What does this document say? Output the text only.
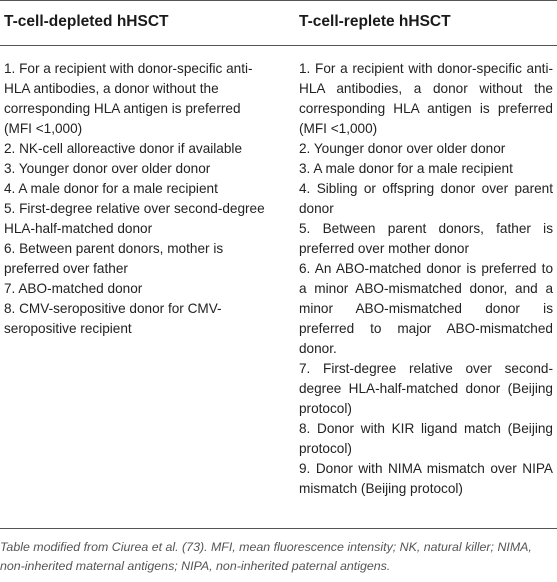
T-cell-depleted hHSCT	T-cell-replete hHSCT

1. For a recipient with donor-specific anti-HLA antibodies, a donor without the corresponding HLA antigen is preferred (MFI <1,000)

2. NK-cell alloreactive donor if available

3. Younger donor over older donor

4. A male donor for a male recipient

5. First-degree relative over second-degree HLA-half-matched donor

6. Between parent donors, mother is preferred over father

7. ABO-matched donor

8. CMV-seropositive donor for CMV-seropositive recipient

1. For a recipient with donor-specific anti-HLA antibodies, a donor without the corresponding HLA antigen is preferred (MFI <1,000)

2. Younger donor over older donor

3. A male donor for a male recipient

4. Sibling or offspring donor over parent donor

5. Between parent donors, father is preferred over mother donor

6. An ABO-matched donor is preferred to a minor ABO-mismatched donor, and a minor ABO-mismatched donor is preferred to major ABO-mismatched donor.

7. First-degree relative over second-degree HLA-half-matched donor (Beijing protocol)

8. Donor with KIR ligand match (Beijing protocol)

9. Donor with NIMA mismatch over NIPA mismatch (Beijing protocol)

Table modified from Ciurea et al. (73). MFI, mean fluorescence intensity; NK, natural killer; NIMA, non-inherited maternal antigens; NIPA, non-inherited paternal antigens.
